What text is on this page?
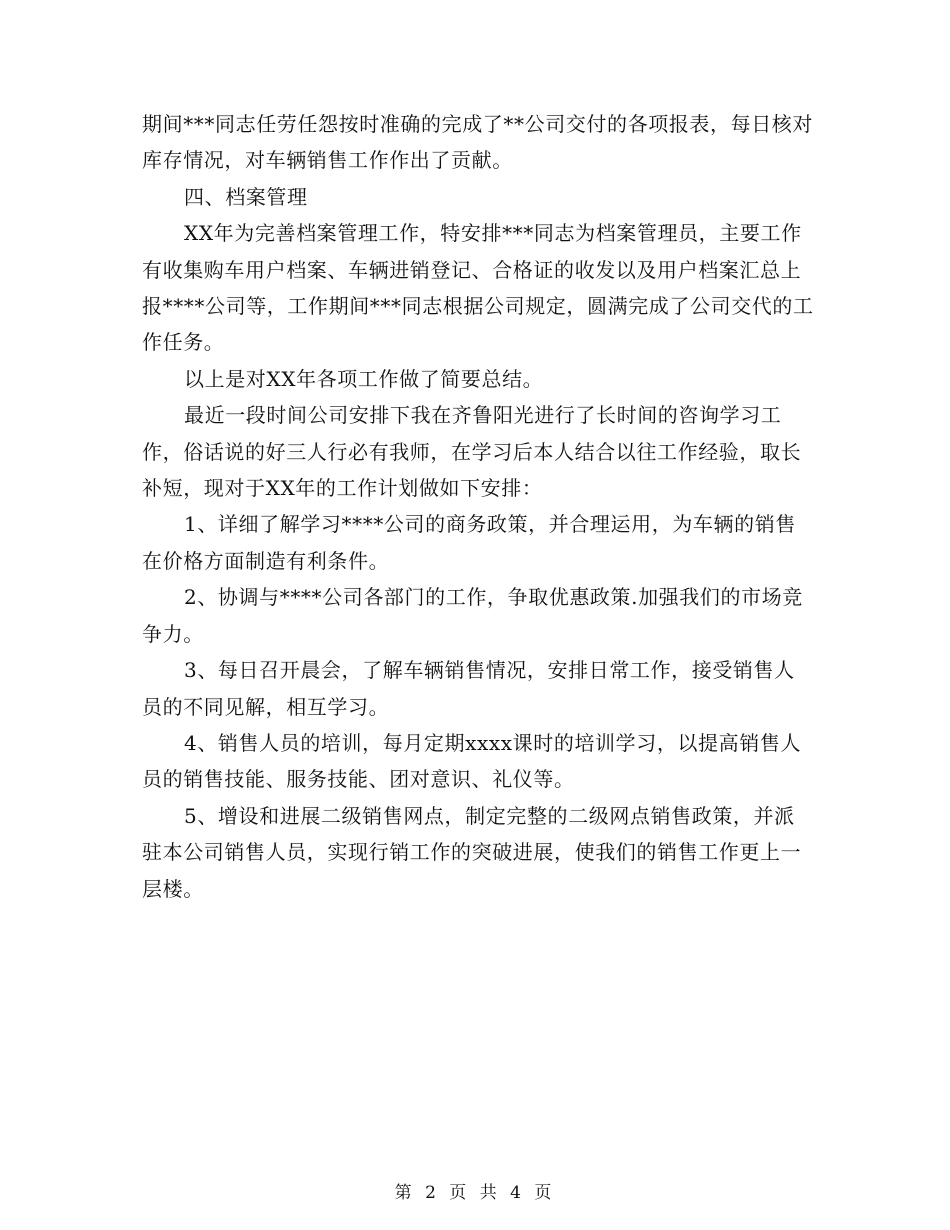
期间***同志任劳任怨按时准确的完成了**公司交付的各项报表，每日核对库存情况，对车辆销售工作作出了贡献。

四、档案管理

XX年为完善档案管理工作，特安排***同志为档案管理员，主要工作有收集购车用户档案、车辆进销登记、合格证的收发以及用户档案汇总上报****公司等，工作期间***同志根据公司规定，圆满完成了公司交代的工作任务。

以上是对XX年各项工作做了简要总结。

最近一段时间公司安排下我在齐鲁阳光进行了长时间的咨询学习工作，俗话说的好三人行必有我师，在学习后本人结合以往工作经验，取长补短，现对于XX年的工作计划做如下安排：

1、详细了解学习****公司的商务政策，并合理运用，为车辆的销售在价格方面制造有利条件。

2、协调与****公司各部门的工作，争取优惠政策.加强我们的市场竞争力。

3、每日召开晨会，了解车辆销售情况，安排日常工作，接受销售人员的不同见解，相互学习。

4、销售人员的培训，每月定期xxxx课时的培训学习，以提高销售人员的销售技能、服务技能、团对意识、礼仪等。

5、增设和进展二级销售网点，制定完整的二级网点销售政策，并派驻本公司销售人员，实现行销工作的突破进展，使我们的销售工作更上一层楼。

第 2 页 共 4 页
